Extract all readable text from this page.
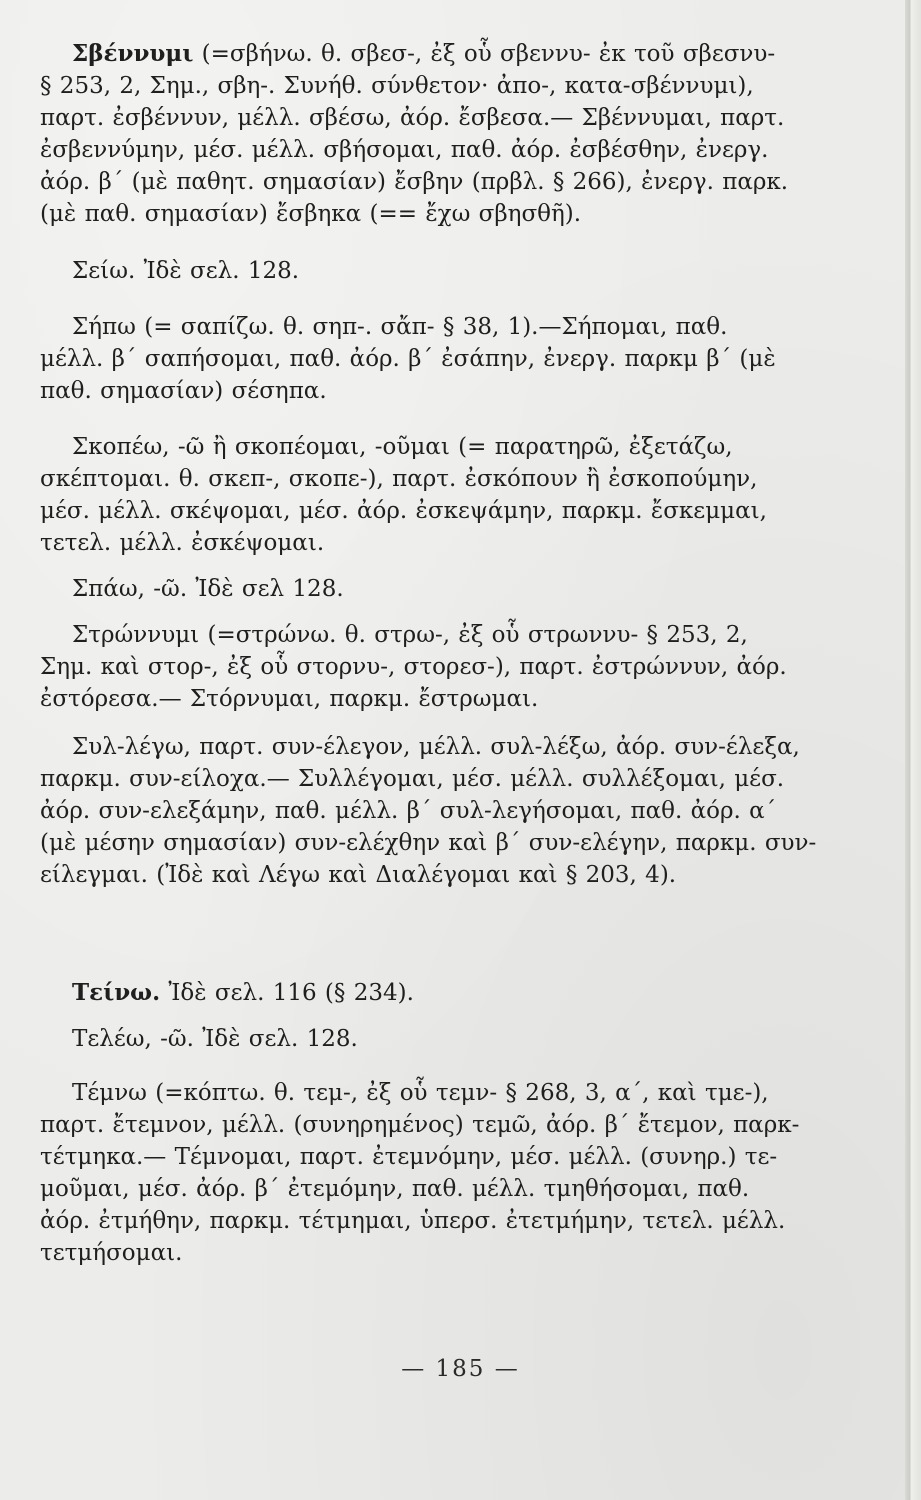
Σβέννυμι (=σβήνω. θ. σβεσ-, ἐξ οὗ σβεννυ- ἐκ τοῦ σβεσνυ-
§ 253, 2, Σημ., σβη-. Συνήθ. σύνθετον· ἀπο-, κατα-σβέννυμι),
παρτ. ἐσβέννυν, μέλλ. σβέσω, ἀόρ. ἔσβεσα.— Σβέννυμαι, παρτ.
ἐσβεννύμην, μέσ. μέλλ. σβήσομαι, παθ. ἀόρ. ἐσβέσθην, ἐνεργ.
ἀόρ. β΄ (μὲ παθητ. σημασίαν) ἔσβην (πρβλ. § 266), ἐνεργ. παρκ.
(μὲ παθ. σημασίαν) ἔσβηκα (== ἔχω σβησθῆ).

Σείω. Ἰδὲ σελ. 128.

Σήπω (= σαπίζω. θ. σηπ-. σἄπ- § 38, 1).—Σήπομαι, παθ.
μέλλ. β΄ σαπήσομαι, παθ. ἀόρ. β΄ ἐσάπην, ἐνεργ. παρκμ β΄ (μὲ
παθ. σημασίαν) σέσηπα.

Σκοπέω, -ῶ ἢ σκοπέομαι, -οῦμαι (= παρατηρῶ, ἐξετάζω,
σκέπτομαι. θ. σκεπ-, σκοπε-), παρτ. ἐσκόπουν ἢ ἐσκοπούμην,
μέσ. μέλλ. σκέψομαι, μέσ. ἀόρ. ἐσκεψάμην, παρκμ. ἔσκεμμαι,
τετελ. μέλλ. ἐσκέψομαι.

Σπάω, -ῶ. Ἰδὲ σελ 128.

Στρώννυμι (=στρώνω. θ. στρω-, ἐξ οὗ στρωννυ- § 253, 2,
Σημ. καὶ στορ-, ἐξ οὗ στορνυ-, στορεσ-), παρτ. ἐστρώννυν, ἀόρ.
ἐστόρεσα.— Στόρνυμαι, παρκμ. ἔστρωμαι.

Συλ-λέγω, παρτ. συν-έλεγον, μέλλ. συλ-λέξω, ἀόρ. συν-έλεξα,
παρκμ. συν-είλοχα.— Συλλέγομαι, μέσ. μέλλ. συλλέξομαι, μέσ.
ἀόρ. συν-ελεξάμην, παθ. μέλλ. β΄ συλ-λεγήσομαι, παθ. ἀόρ. α΄
(μὲ μέσην σημασίαν) συν-ελέχθην καὶ β΄ συν-ελέγην, παρκμ. συν-
είλεγμαι. (Ἰδὲ καὶ Λέγω καὶ Διαλέγομαι καὶ § 203, 4).

Τείνω. Ἰδὲ σελ. 116 (§ 234).

Τελέω, -ῶ. Ἰδὲ σελ. 128.

Τέμνω (=κόπτω. θ. τεμ-, ἐξ οὗ τεμν- § 268, 3, α΄, καὶ τμε-),
παρτ. ἔτεμνον, μέλλ. (συνηρημένος) τεμῶ, ἀόρ. β΄ ἔτεμον, παρκ-
τέτμηκα.— Τέμνομαι, παρτ. ἐτεμνόμην, μέσ. μέλλ. (συνηρ.) τε-
μοῦμαι, μέσ. ἀόρ. β΄ ἐτεμόμην, παθ. μέλλ. τμηθήσομαι, παθ.
ἀόρ. ἐτμήθην, παρκμ. τέτμημαι, ὑπερσ. ἐτετμήμην, τετελ. μέλλ.
τετμήσομαι.

— 185 —
